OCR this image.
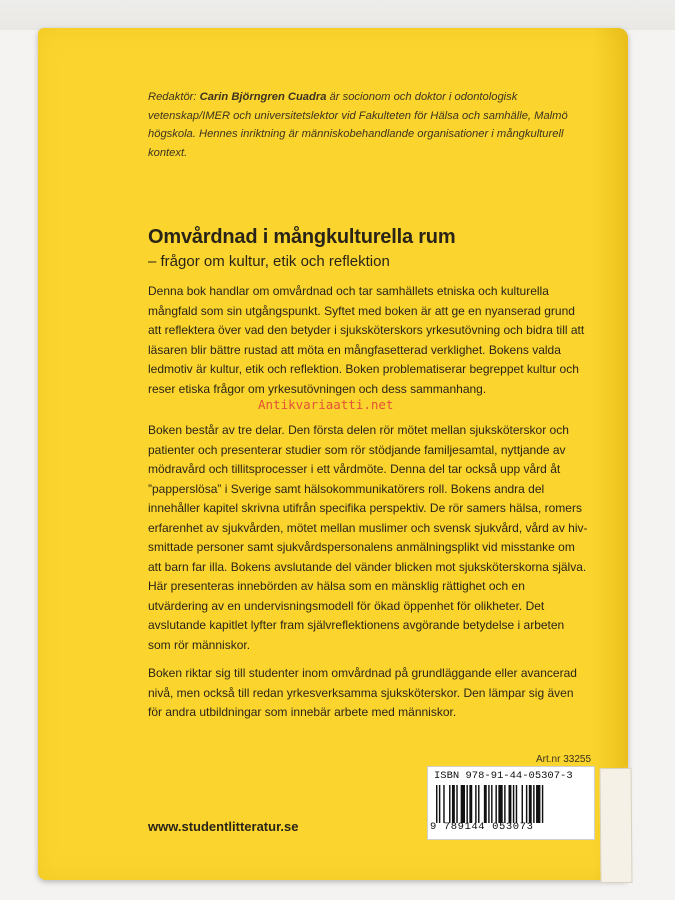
Redaktör: Carin Björngren Cuadra är socionom och doktor i odontologisk vetenskap/IMER och universitetslektor vid Fakulteten för Hälsa och samhälle, Malmö högskola. Hennes inriktning är människobehandlande organisationer i mångkulturell kontext.
Omvårdnad i mångkulturella rum
– frågor om kultur, etik och reflektion

Denna bok handlar om omvårdnad och tar samhällets etniska och kulturella mångfald som sin utgångspunkt. Syftet med boken är att ge en nyanserad grund att reflektera över vad den betyder i sjuksköterskors yrkesutövning och bidra till att läsaren blir bättre rustad att möta en mångfasetterad verklighet. Bokens valda ledmotiv är kultur, etik och reflektion. Boken problematiserar begreppet kultur och reser etiska frågor om yrkesutövningen och dess sammanhang.

Boken består av tre delar. Den första delen rör mötet mellan sjuksköterskor och patienter och presenterar studier som rör stödjande familjesamtal, nyttjande av mödravård och tillitsprocesser i ett vårdmöte. Denna del tar också upp vård åt ”papperslösa” i Sverige samt hälsokommunikatörers roll. Bokens andra del innehåller kapitel skrivna utifrån specifika perspektiv. De rör samers hälsa, romers erfarenhet av sjukvården, mötet mellan muslimer och svensk sjukvård, vård av hiv-smittade personer samt sjukvårdspersonalens anmälningsplikt vid misstanke om att barn far illa. Bokens avslutande del vänder blicken mot sjuksköterskorna själva. Här presenteras innebörden av hälsa som en mänsklig rättighet och en utvärdering av en undervisningsmodell för ökad öppenhet för olikheter. Det avslutande kapitlet lyfter fram självreflektionens avgörande betydelse i arbeten som rör människor.

Boken riktar sig till studenter inom omvårdnad på grundläggande eller avancerad nivå, men också till redan yrkesverksamma sjuksköterskor. Den lämpar sig även för andra utbildningar som innebär arbete med människor.

Antikvariaatti.net
Art.nr 33255
ISBN 978-91-44-05307-3
9 789144 053073
www.studentlitteratur.se
